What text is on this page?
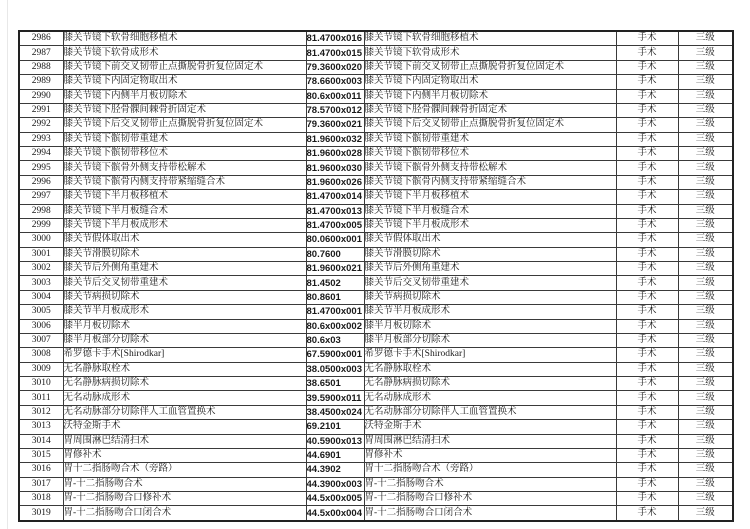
2986	膝关节镜下软骨细胞移植术	81.4700x016	膝关节镜下软骨细胞移植术	手术	三级
2987	膝关节镜下软骨成形术	81.4700x015	膝关节镜下软骨成形术	手术	三级
2988	膝关节镜下前交叉韧带止点撕脱骨折复位固定术	79.3600x020	膝关节镜下前交叉韧带止点撕脱骨折复位固定术	手术	三级
2989	膝关节镜下内固定物取出术	78.6600x003	膝关节镜下内固定物取出术	手术	三级
2990	膝关节镜下内侧半月板切除术	80.6x00x011	膝关节镜下内侧半月板切除术	手术	三级
2991	膝关节镜下胫骨髁间棘骨折固定术	78.5700x012	膝关节镜下胫骨髁间棘骨折固定术	手术	三级
2992	膝关节镜下后交叉韧带止点撕脱骨折复位固定术	79.3600x021	膝关节镜下后交叉韧带止点撕脱骨折复位固定术	手术	三级
2993	膝关节镜下髌韧带重建术	81.9600x032	膝关节镜下髌韧带重建术	手术	三级
2994	膝关节镜下髌韧带移位术	81.9600x028	膝关节镜下髌韧带移位术	手术	三级
2995	膝关节镜下髌骨外侧支持带松解术	81.9600x030	膝关节镜下髌骨外侧支持带松解术	手术	三级
2996	膝关节镜下髌骨内侧支持带紧缩缝合术	81.9600x026	膝关节镜下髌骨内侧支持带紧缩缝合术	手术	三级
2997	膝关节镜下半月板移植术	81.4700x014	膝关节镜下半月板移植术	手术	三级
2998	膝关节镜下半月板缝合术	81.4700x013	膝关节镜下半月板缝合术	手术	三级
2999	膝关节镜下半月板成形术	81.4700x005	膝关节镜下半月板成形术	手术	三级
3000	膝关节假体取出术	80.0600x001	膝关节假体取出术	手术	三级
3001	膝关节滑膜切除术	80.7600	膝关节滑膜切除术	手术	三级
3002	膝关节后外侧角重建术	81.9600x021	膝关节后外侧角重建术	手术	三级
3003	膝关节后交叉韧带重建术	81.4502	膝关节后交叉韧带重建术	手术	三级
3004	膝关节病损切除术	80.8601	膝关节病损切除术	手术	三级
3005	膝关节半月板成形术	81.4700x001	膝关节半月板成形术	手术	三级
3006	膝半月板切除术	80.6x00x002	膝半月板切除术	手术	三级
3007	膝半月板部分切除术	80.6x03	膝半月板部分切除术	手术	三级
3008	希罗德卡手术[Shirodkar]	67.5900x001	希罗德卡手术[Shirodkar]	手术	三级
3009	无名静脉取栓术	38.0500x003	无名静脉取栓术	手术	三级
3010	无名静脉病损切除术	38.6501	无名静脉病损切除术	手术	三级
3011	无名动脉成形术	39.5900x011	无名动脉成形术	手术	三级
3012	无名动脉部分切除伴人工血管置换术	38.4500x024	无名动脉部分切除伴人工血管置换术	手术	三级
3013	沃特金斯手术	69.2101	沃特金斯手术	手术	三级
3014	胃周围淋巴结清扫术	40.5900x013	胃周围淋巴结清扫术	手术	三级
3015	胃修补术	44.6901	胃修补术	手术	三级
3016	胃十二指肠吻合术（旁路）	44.3902	胃十二指肠吻合术（旁路）	手术	三级
3017	胃-十二指肠吻合术	44.3900x003	胃-十二指肠吻合术	手术	三级
3018	胃-十二指肠吻合口修补术	44.5x00x005	胃-十二指肠吻合口修补术	手术	三级
3019	胃-十二指肠吻合口闭合术	44.5x00x004	胃-十二指肠吻合口闭合术	手术	三级
